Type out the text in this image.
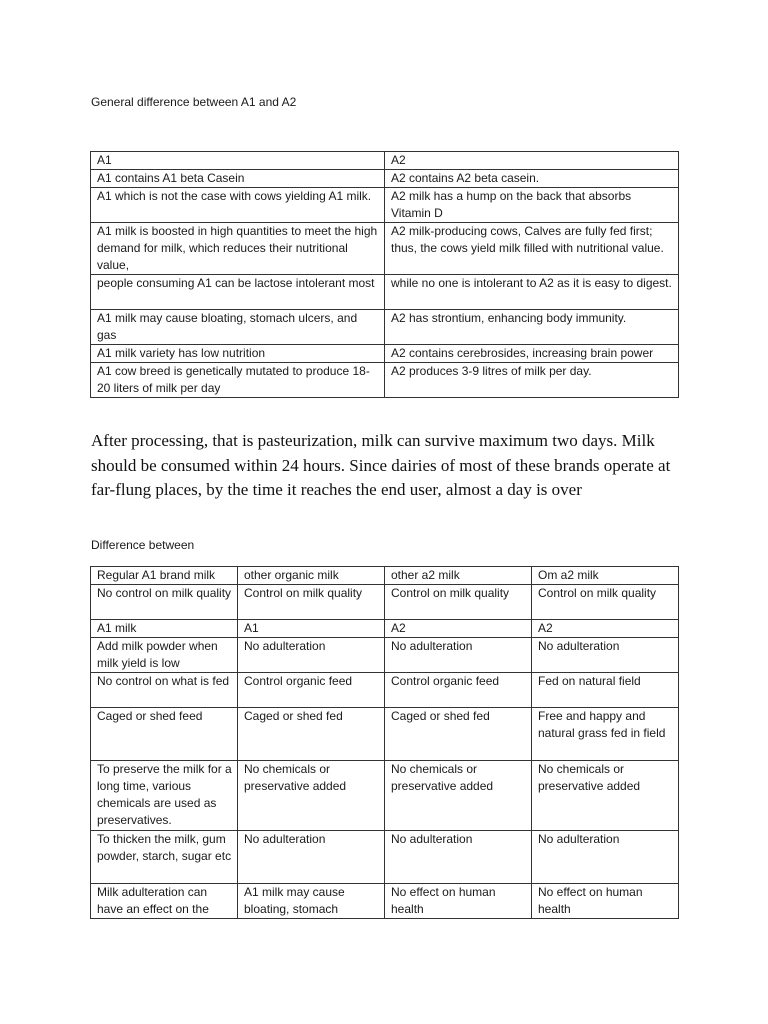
General difference between A1 and A2
A1	A2
A1 contains A1 beta Casein	A2 contains A2 beta casein.
A1 which is not the case with cows yielding A1 milk.	A2 milk has a hump on the back that absorbs Vitamin D
A1 milk is boosted in high quantities to meet the high demand for milk, which reduces their nutritional value,	A2 milk-producing cows, Calves are fully fed first; thus, the cows yield milk filled with nutritional value.
people consuming A1 can be lactose intolerant most	while no one is intolerant to A2 as it is easy to digest.
A1 milk may cause bloating, stomach ulcers, and gas	A2 has strontium, enhancing body immunity.
A1 milk variety has low nutrition	A2 contains cerebrosides, increasing brain power
A1 cow breed is genetically mutated to produce 18-20 liters of milk per day	A2 produces 3-9 litres of milk per day.
After processing, that is pasteurization, milk can survive maximum two days. Milk should be consumed within 24 hours. Since dairies of most of these brands operate at far-flung places, by the time it reaches the end user, almost a day is over
Difference between
Regular A1 brand milk	other organic milk	other a2 milk	Om a2 milk
No control on milk quality	Control on milk quality	Control on milk quality	Control on milk quality
A1 milk	A1	A2	A2
Add milk powder when milk yield is low	No adulteration	No adulteration	No adulteration
No control on what is fed	Control organic feed	Control organic feed	Fed on natural field
Caged or shed feed	Caged or shed fed	Caged or shed fed	Free and happy and natural grass fed in field
To preserve the milk for a long time, various chemicals are used as preservatives.	No chemicals or preservative added	No chemicals or preservative added	No chemicals or preservative added
To thicken the milk, gum powder, starch, sugar etc	No adulteration	No adulteration	No adulteration
Milk adulteration can have an effect on the	A1 milk may cause bloating, stomach	No effect on human health	No effect on human health
